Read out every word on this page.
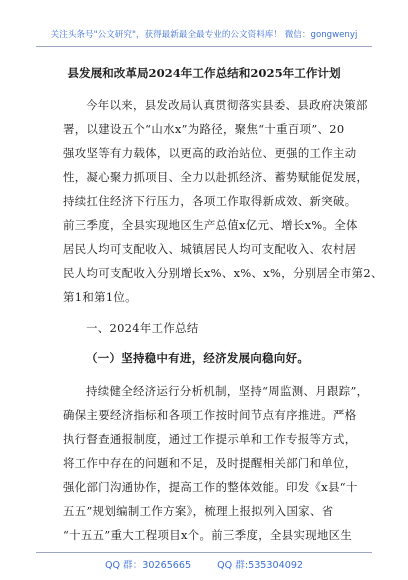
关注头条号"公文研究"，获得最新最全最专业的公文资料库！ 微信：gongwenyj
县发展和改革局2024年工作总结和2025年工作计划
今年以来，县发改局认真贯彻落实县委、县政府决策部
署，以建设五个“山水x”为路径，聚焦“十重百项”、20
强攻坚等有力载体，以更高的政治站位、更强的工作主动
性，凝心聚力抓项目、全力以赴抓经济、蓄势赋能促发展，
持续扛住经济下行压力，各项工作取得新成效、新突破。
前三季度，全县实现地区生产总值x亿元、增长x%。全体
居民人均可支配收入、城镇居民人均可支配收入、农村居
民人均可支配收入分别增长x%、x%、x%，分别居全市第2、
第1和第1位。
一、2024年工作总结
（一）坚持稳中有进，经济发展向稳向好。
持续健全经济运行分析机制，坚持“周监测、月跟踪”，
确保主要经济指标和各项工作按时间节点有序推进。严格
执行督查通报制度，通过工作提示单和工作专报等方式，
将工作中存在的问题和不足，及时提醒相关部门和单位，
强化部门沟通协作，提高工作的整体效能。印发《x县“十
五五”规划编制工作方案》，梳理上报拟列入国家、省
“十五五”重大工程项目x个。前三季度，全县实现地区生
QQ 群：30265665	QQ 群:535304092
